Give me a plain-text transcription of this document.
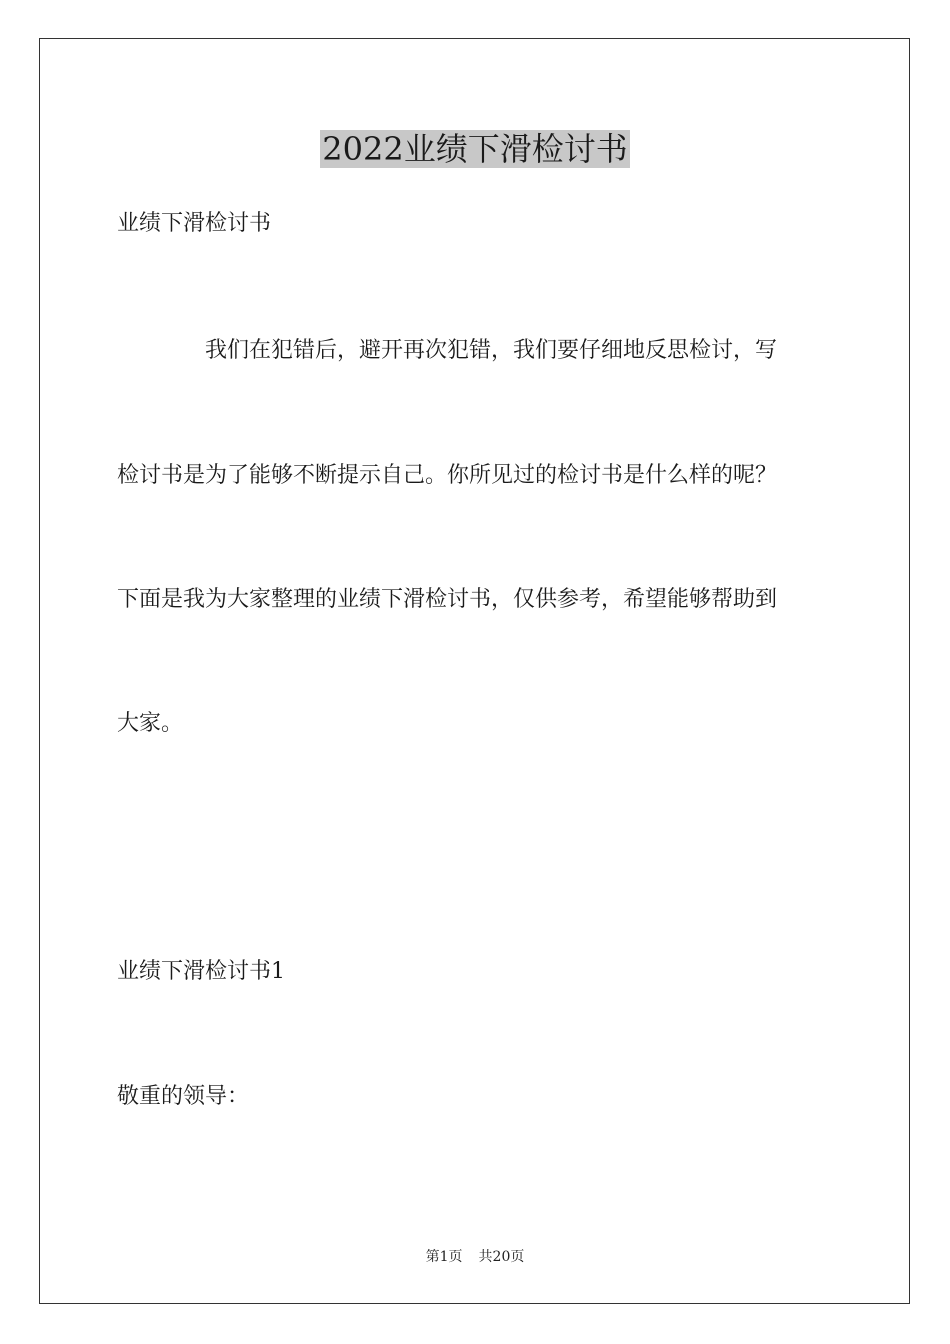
2022业绩下滑检讨书

业绩下滑检讨书

　　　　我们在犯错后，避开再次犯错，我们要仔细地反思检讨，写

检讨书是为了能够不断提示自己。你所见过的检讨书是什么样的呢？

下面是我为大家整理的业绩下滑检讨书，仅供参考，希望能够帮助到

大家。

业绩下滑检讨书1

敬重的领导：

第1页 共20页
